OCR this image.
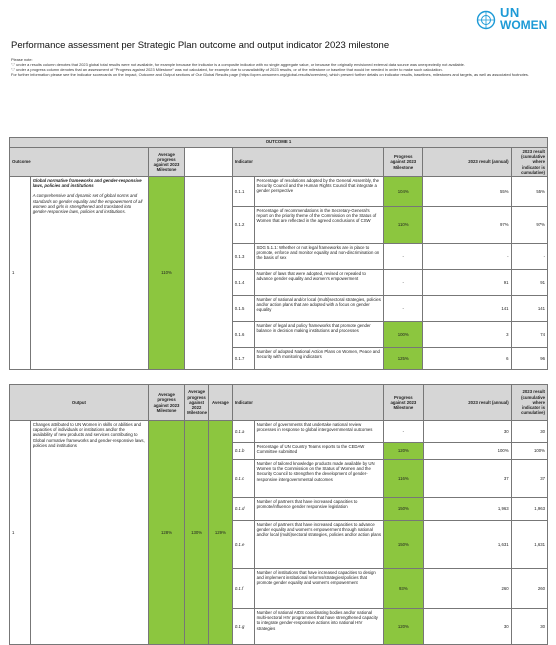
UN
WOMEN
Performance assessment per Strategic Plan outcome and output indicator 2023 milestone
Please note:
"-" under a results column denotes that 2023 global total results were not available, for example because the indicator is a composite indicator with no single aggregate value, or because the originally envisioned external data source was unexpectedly not available.
"-" under a progress column denotes that an assessment of "Progress against 2023 Milestone" was not calculated, for example due to unavailability of 2023 results, or of the milestone or baseline that would be needed in order to make such calculation.
For further information please see the indicator scorecards on the Impact, Outcome and Output sections of Our Global Results page (https://open.unwomen.org/global-results/overview), which present further details on indicator results, baselines, milestones and targets, as well as associated footnotes.
OUTCOME 1								
Outcome		Average progress against 2023 Milestone		Indicator		Progress against 2023 Milestone	2023 result (annual)	2023 result (cumulative where indicator is cumulative)
1	Global normative frameworks and gender-responsive laws, policies and institutions
A comprehensive and dynamic set of global norms and standards on gender equality and the empowerment of all women and girls is strengthened and translated into gender-responsive laws, policies and institutions.	110%		0.1.1	Percentage of resolutions adopted by the General Assembly, the Security Council and the Human Rights Council that integrate a gender perspective	104%	55%	55%
				0.1.2	Percentage of recommendations in the Secretary-General's report on the priority theme of the Commission on the Status of Women that are reflected in the agreed conclusions of CSW	110%	97%	97%
				0.1.3	SDG 5.1.1: Whether or not legal frameworks are in place to promote, enforce and monitor equality and non-discrimination on the basis of sex	-	-	-
				0.1.4	Number of laws that were adopted, revised or repealed to advance gender equality and women's empowerment	-	91	91
				0.1.5	Number of national and/or local (multi)sectoral strategies, policies and/or action plans that are adopted with a focus on gender equality	-	141	141
				0.1.6	Number of legal and policy frameworks that promote gender balance in decision making institutions and processes	100%	3	74
				0.1.7	Number of adopted National Action Plans on Women, Peace and Security with monitoring indicators	125%	6	96
Output		Average progress against 2023 Milestone	Average progress against 2022 Milestone	Average	Indicator		Progress against 2023 Milestone	2023 result (annual)	2023 result (cumulative where indicator is cumulative)
1	Changes attributed to UN Women in skills or abilities and capacities of individuals or institutions and/or the availability of new products and services contributing to Global normative frameworks and gender-responsive laws, policies and institutions	128%	130%	129%	0.1.a	Number of governments that undertake national review processes in response to global intergovernmental outcomes	-	30	30
					0.1.b	Percentage of UN Country Teams reports to the CEDAW Committee submitted	120%	100%	100%
					0.1.c	Number of tailored knowledge products made available by UN Women to the Commission on the Status of Women and the Security Council to strengthen the development of gender-responsive intergovernmental outcomes	116%	37	37
					0.1.d	Number of partners that have increased capacities to promote/influence gender responsive legislation	150%	1,963	1,963
					0.1.e	Number of partners that have increased capacities to advance gender equality and women's empowerment through national and/or local (multi)sectoral strategies, policies and/or action plans	150%	1,631	1,631
					0.1.f	Number of institutions that have increased capacities to design and implement institutional reforms/strategies/policies that promote gender equality and women's empowerment	93%	260	260
					0.1.g	Number of national AIDS coordinating bodies and/or national multi-sectoral HIV programmes that have strengthened capacity to integrate gender-responsive actions into national HIV strategies	120%	30	30
